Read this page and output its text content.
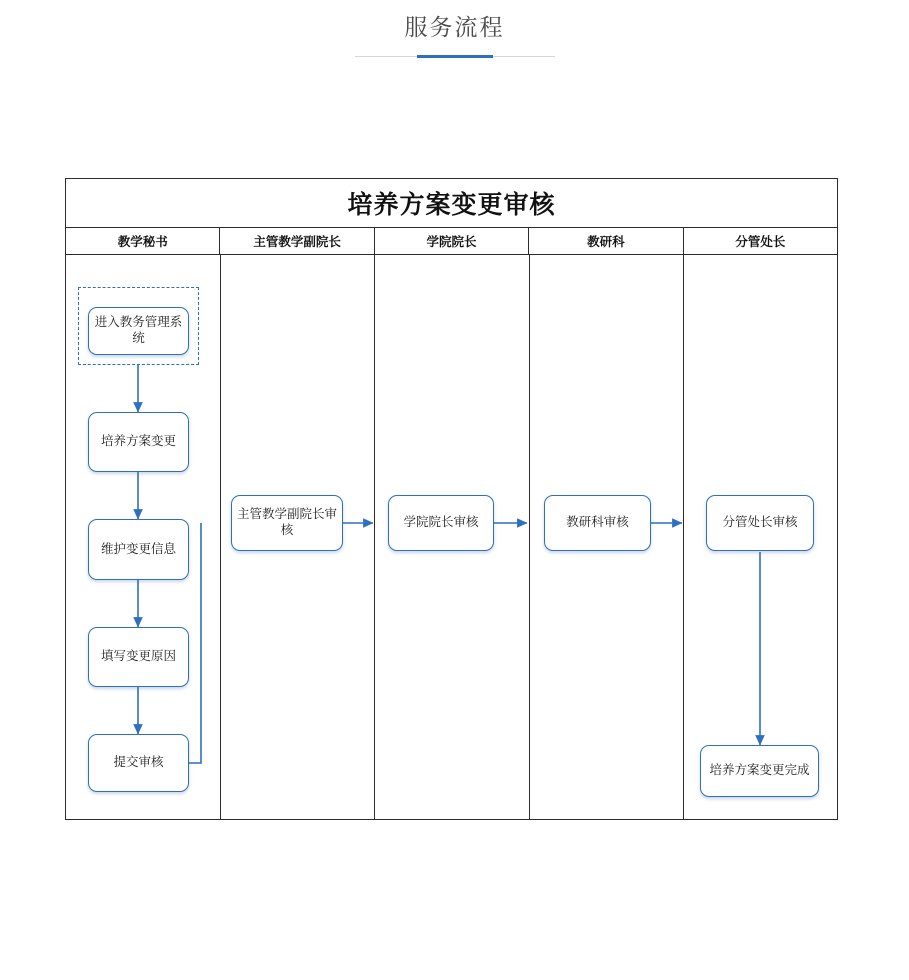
服务流程
培养方案变更审核
教学秘书	主管教学副院长	学院院长	教研科	分管处长
进入教务管理系统
培养方案变更
维护变更信息
填写变更原因
提交审核
主管教学副院长审核
学院院长审核	教研科审核	分管处长审核
培养方案变更完成
